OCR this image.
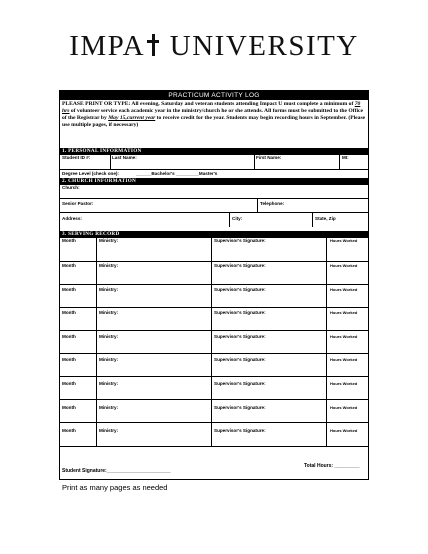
IMPA UNIVERSITY
PRACTICUM ACTIVITY LOG
PLEASE PRINT OR TYPE: All evening, Saturday and veteran students attending Impact U must complete a minimum of 70 hrs of volunteer service each academic year in the ministry/church he or she attends. All forms must be submitted to the Office of the Registrar by May 15,current year to receive credit for the year. Students may begin recording hours in September. (Please use multiple pages, if necessary)
1. PERSONAL INFORMATION
Student ID #:	Last Name:	First Name:	MI:
Degree Level (check one):	______Bachelor's _________Master's
2. CHURCH INFORMATION
Church:
Senior Pastor:	Telephone:
Address:	City:	State, Zip
3. SERVING RECORD
Month	Ministry:	Supervisor's Signature:	Hours Worked
Month	Ministry:	Supervisor's Signature:	Hours Worked
Month	Ministry:	Supervisor's Signature:	Hours Worked
Month	Ministry:	Supervisor's Signature:	Hours Worked
Month	Ministry:	Supervisor's Signature:	Hours Worked
Month	Ministry:	Supervisor's Signature:	Hours Worked
Month	Ministry:	Supervisor's Signature:	Hours Worked
Month	Ministry:	Supervisor's Signature:	Hours Worked
Month	Ministry:	Supervisor's Signature:	Hours Worked
Total Hours: _________
Student Signature:_______________________
Print as many pages as needed
